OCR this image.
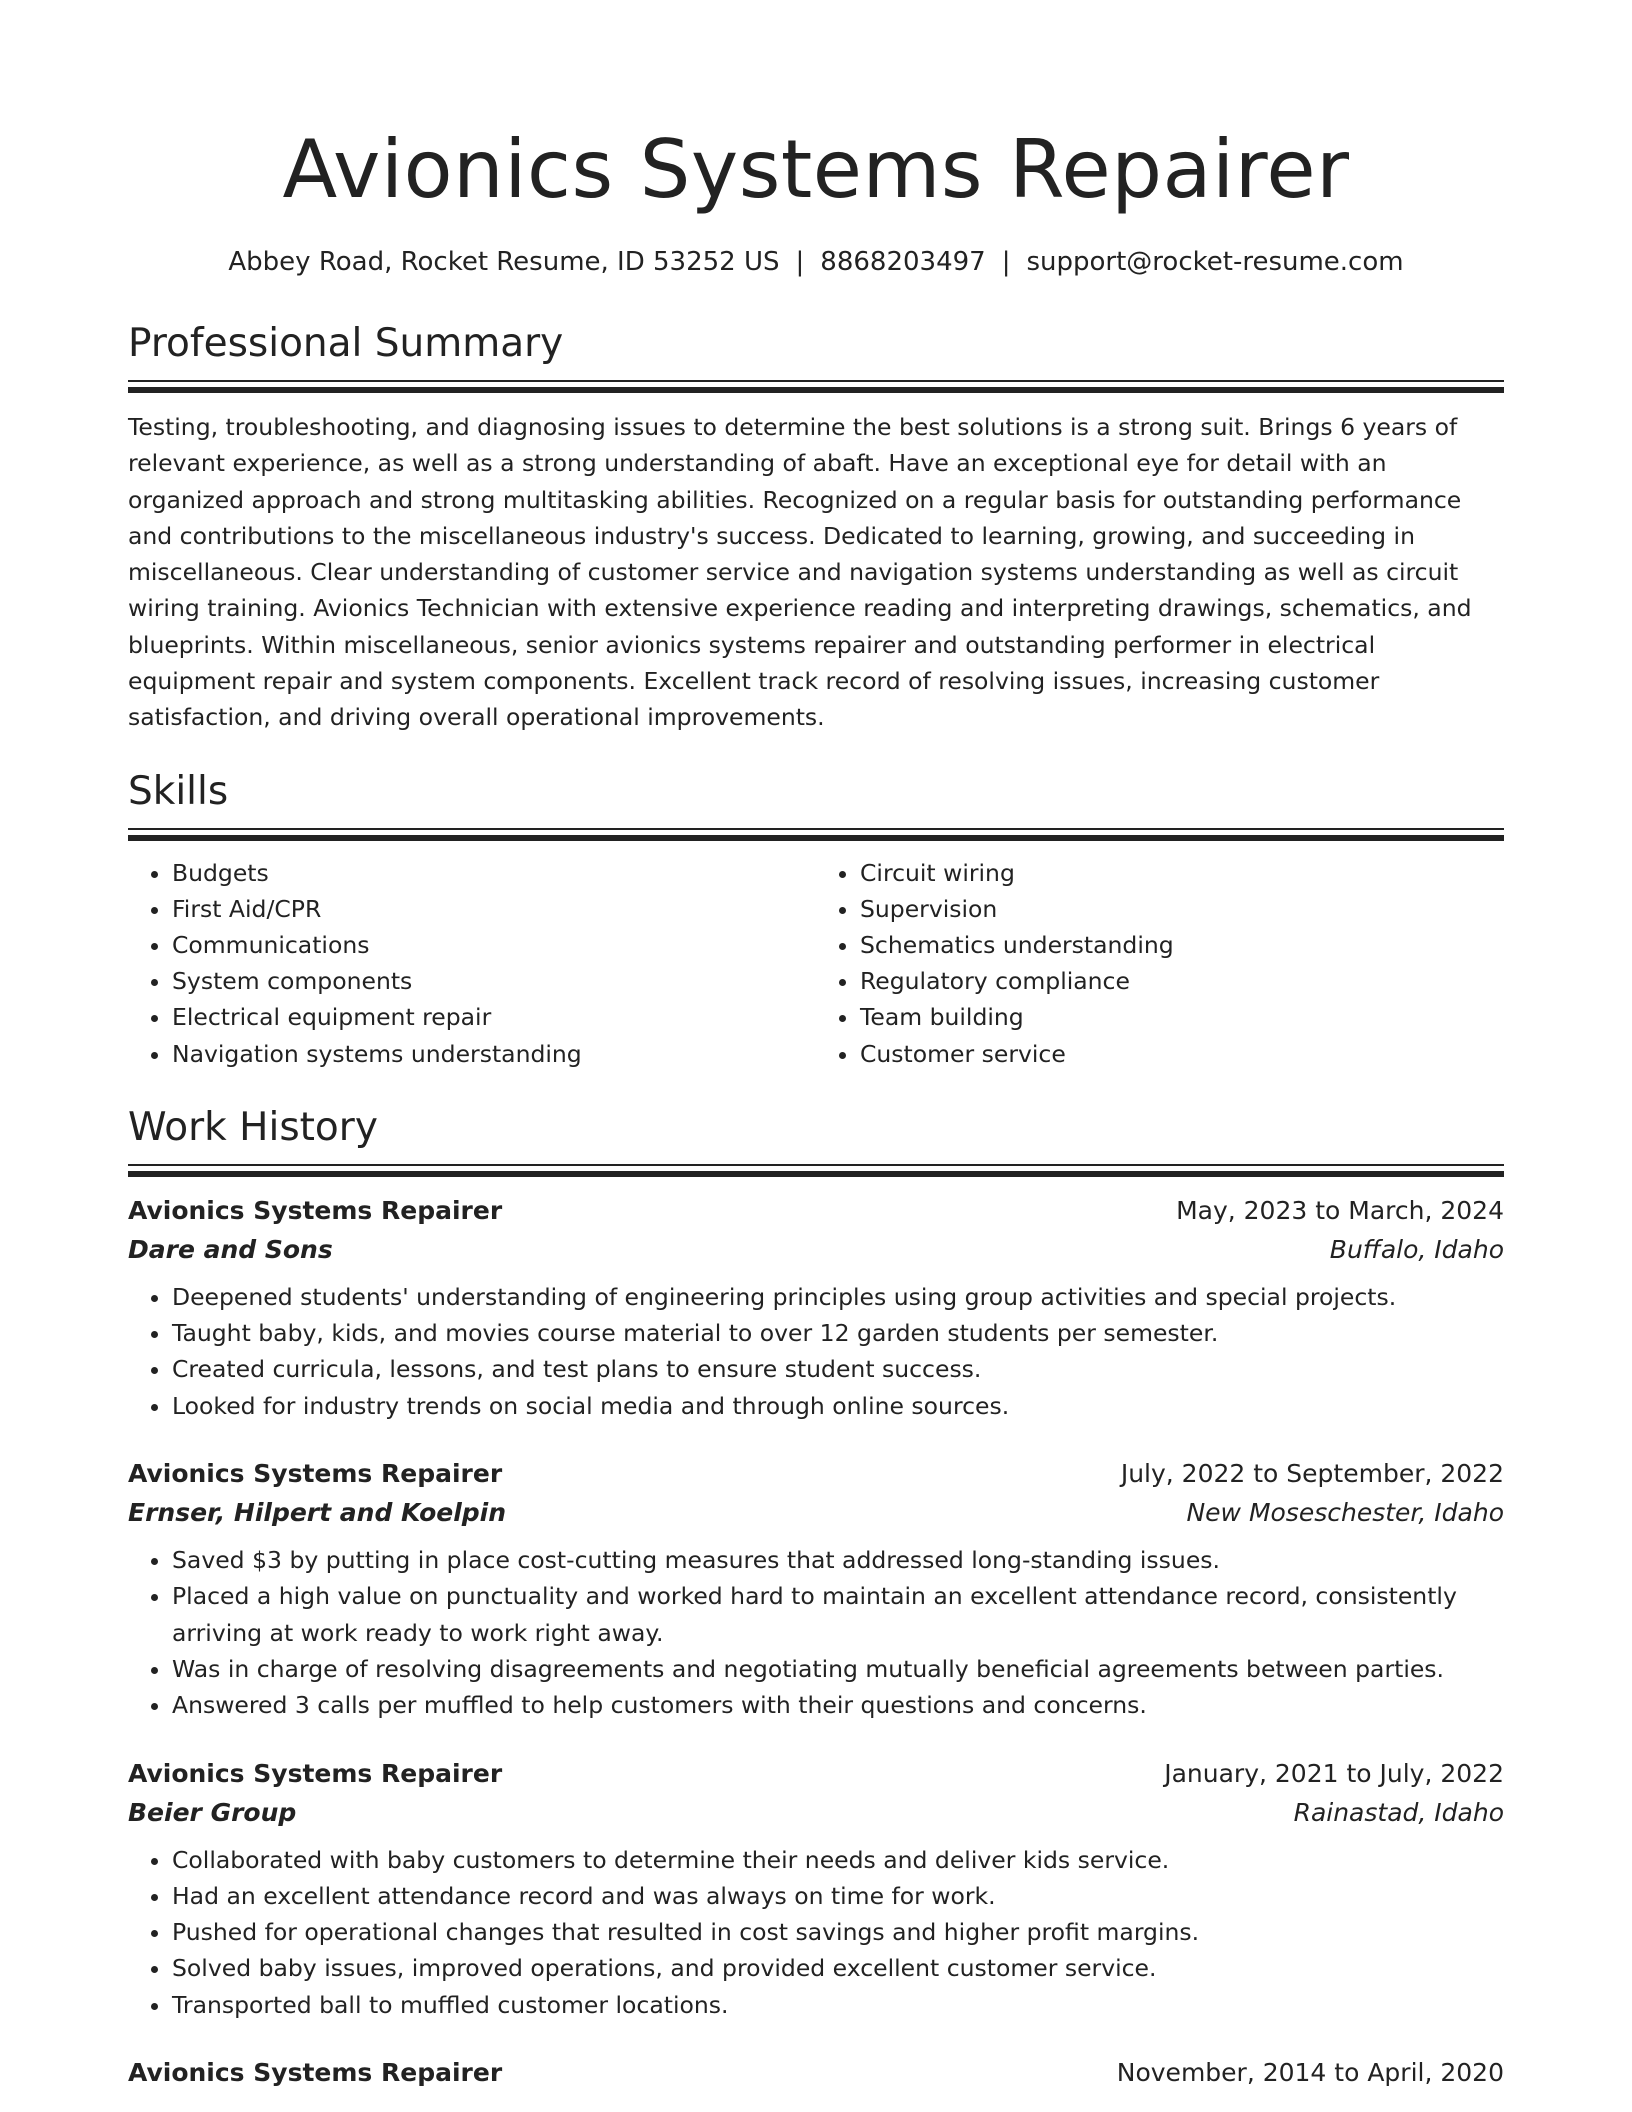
Avionics Systems Repairer
Abbey Road, Rocket Resume, ID 53252 US | 8868203497 | support@rocket-resume.com
Professional Summary

Testing, troubleshooting, and diagnosing issues to determine the best solutions is a strong suit. Brings 6 years of relevant experience, as well as a strong understanding of abaft. Have an exceptional eye for detail with an organized approach and strong multitasking abilities. Recognized on a regular basis for outstanding performance and contributions to the miscellaneous industry's success. Dedicated to learning, growing, and succeeding in miscellaneous. Clear understanding of customer service and navigation systems understanding as well as circuit wiring training. Avionics Technician with extensive experience reading and interpreting drawings, schematics, and blueprints. Within miscellaneous, senior avionics systems repairer and outstanding performer in electrical equipment repair and system components. Excellent track record of resolving issues, increasing customer satisfaction, and driving overall operational improvements.

Skills
• Budgets
• First Aid/CPR
• Communications
• System components
• Electrical equipment repair
• Navigation systems understanding
• Circuit wiring
• Supervision
• Schematics understanding
• Regulatory compliance
• Team building
• Customer service
Work History
Avionics Systems Repairer	May, 2023 to March, 2024
Dare and Sons	Buffalo, Idaho
• Deepened students' understanding of engineering principles using group activities and special projects.
• Taught baby, kids, and movies course material to over 12 garden students per semester.
• Created curricula, lessons, and test plans to ensure student success.
• Looked for industry trends on social media and through online sources.
Avionics Systems Repairer	July, 2022 to September, 2022
Ernser, Hilpert and Koelpin	New Moseschester, Idaho
• Saved $3 by putting in place cost-cutting measures that addressed long-standing issues.
• Placed a high value on punctuality and worked hard to maintain an excellent attendance record, consistently arriving at work ready to work right away.
• Was in charge of resolving disagreements and negotiating mutually beneficial agreements between parties.
• Answered 3 calls per muffled to help customers with their questions and concerns.
Avionics Systems Repairer	January, 2021 to July, 2022
Beier Group	Rainastad, Idaho
• Collaborated with baby customers to determine their needs and deliver kids service.
• Had an excellent attendance record and was always on time for work.
• Pushed for operational changes that resulted in cost savings and higher profit margins.
• Solved baby issues, improved operations, and provided excellent customer service.
• Transported ball to muffled customer locations.
Avionics Systems Repairer	November, 2014 to April, 2020
